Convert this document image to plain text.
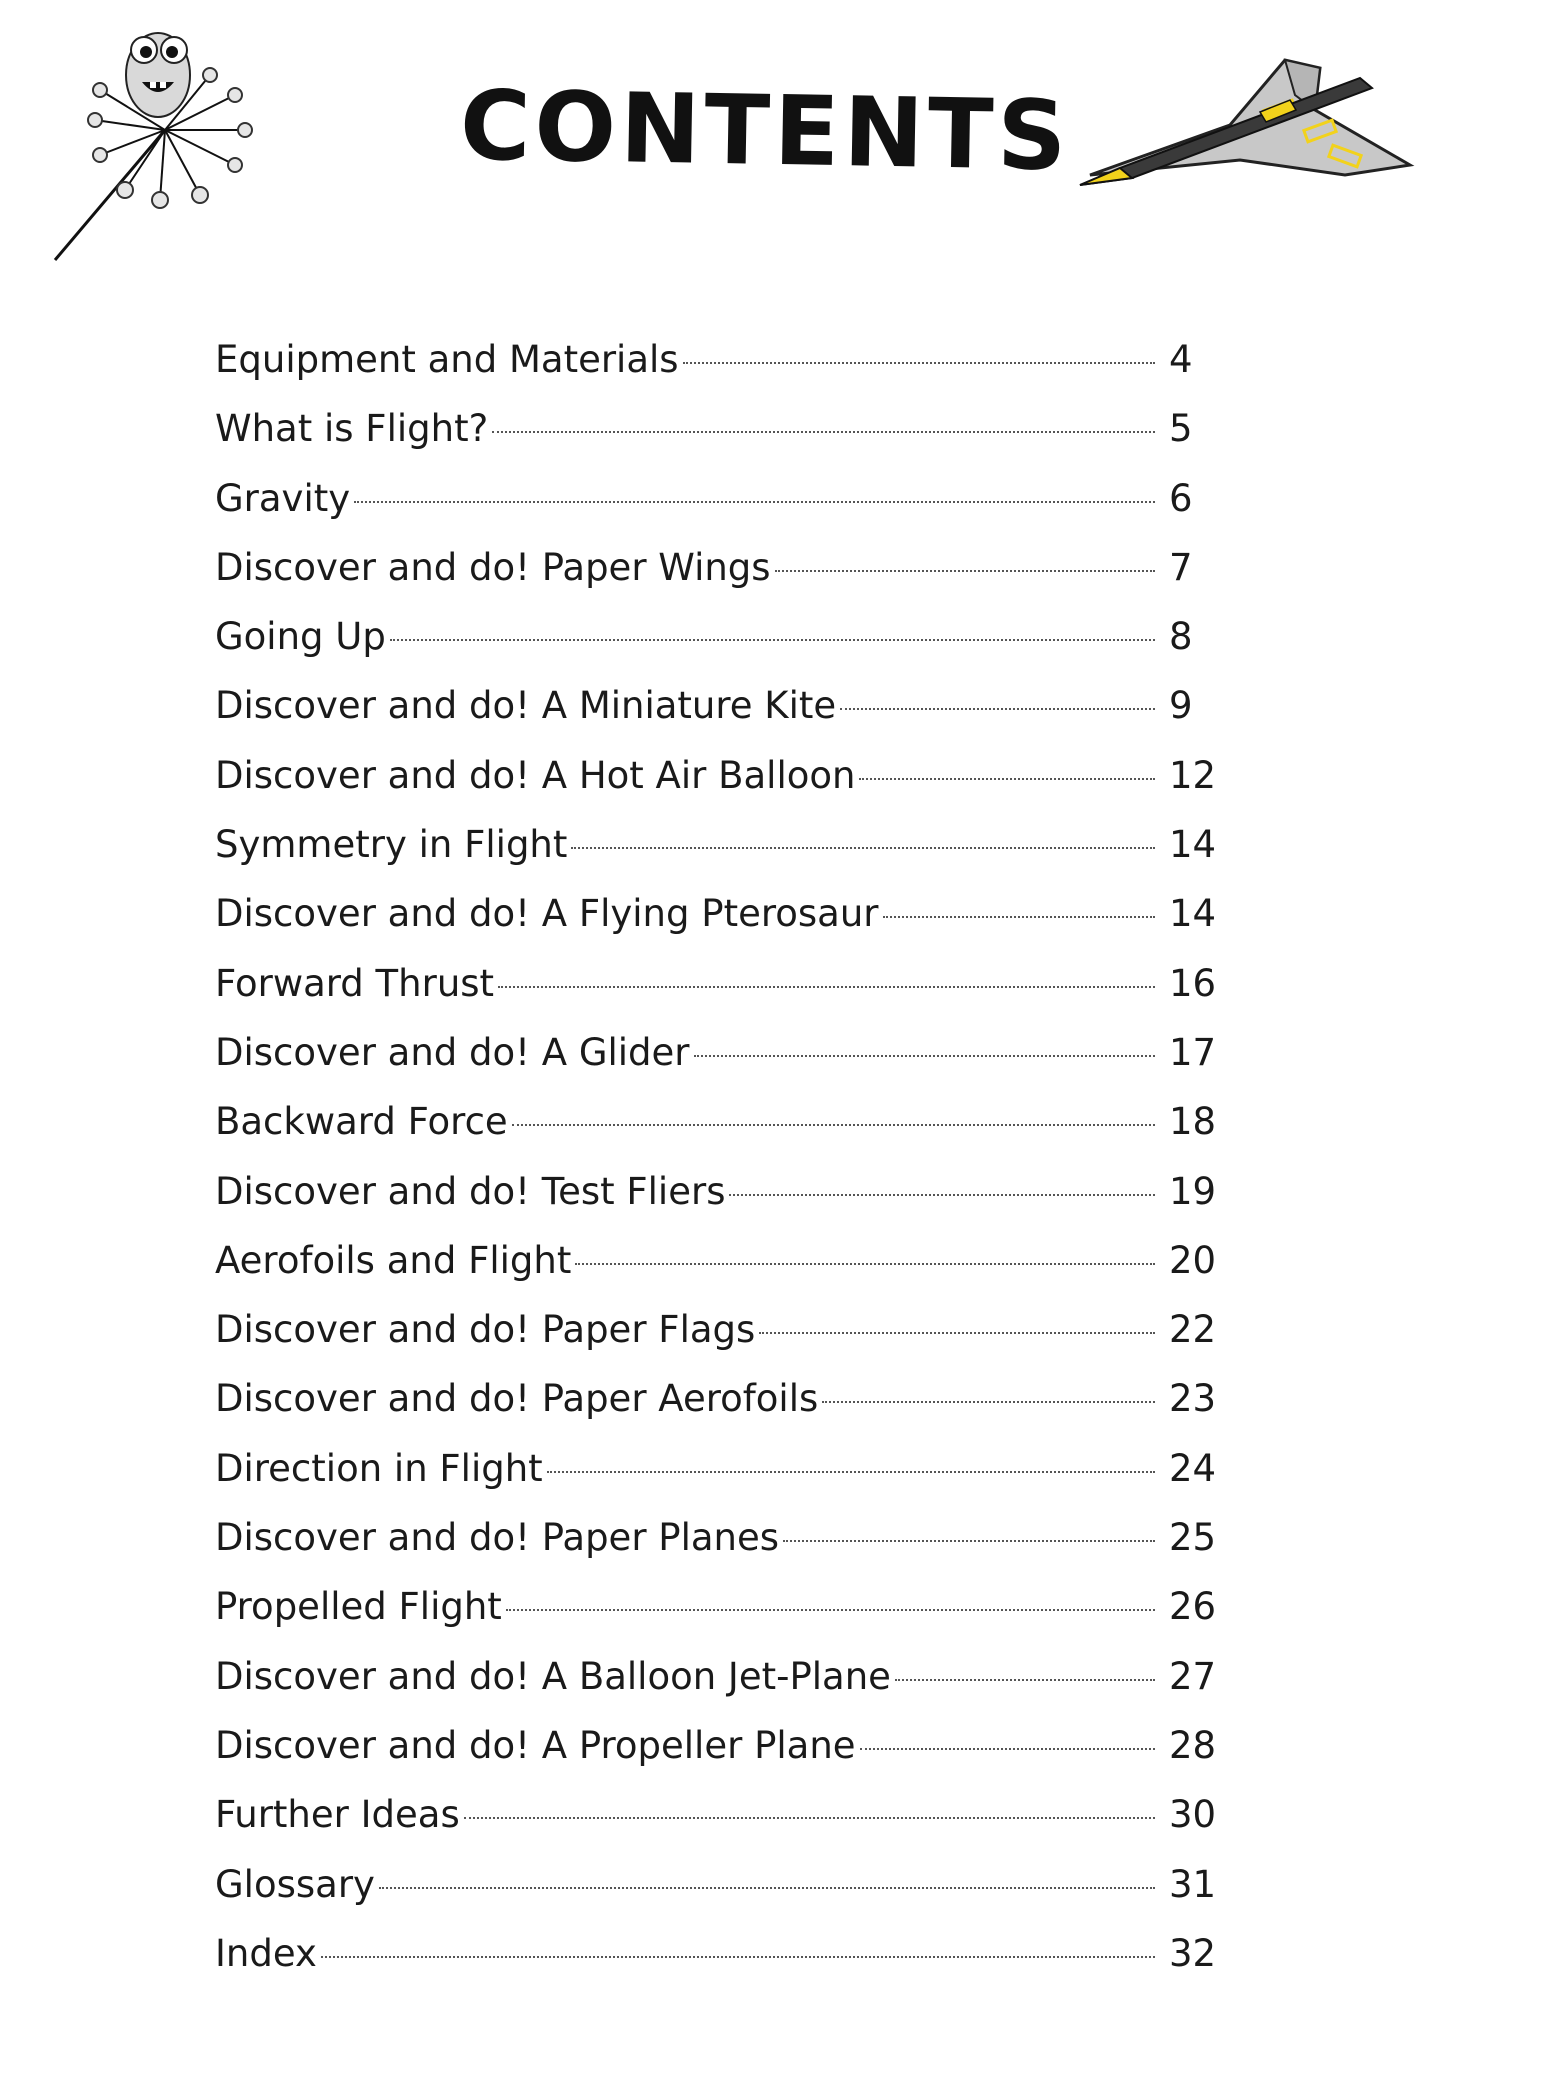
CONTENTS
Equipment and Materials	4
What is Flight?	5
Gravity	6
Discover and do! Paper Wings	7
Going Up	8
Discover and do! A Miniature Kite	9
Discover and do! A Hot Air Balloon	12
Symmetry in Flight	14
Discover and do! A Flying Pterosaur	14
Forward Thrust	16
Discover and do! A Glider	17
Backward Force	18
Discover and do! Test Fliers	19
Aerofoils and Flight	20
Discover and do! Paper Flags	22
Discover and do! Paper Aerofoils	23
Direction in Flight	24
Discover and do! Paper Planes	25
Propelled Flight	26
Discover and do! A Balloon Jet-Plane	27
Discover and do! A Propeller Plane	28
Further Ideas	30
Glossary	31
Index	32
